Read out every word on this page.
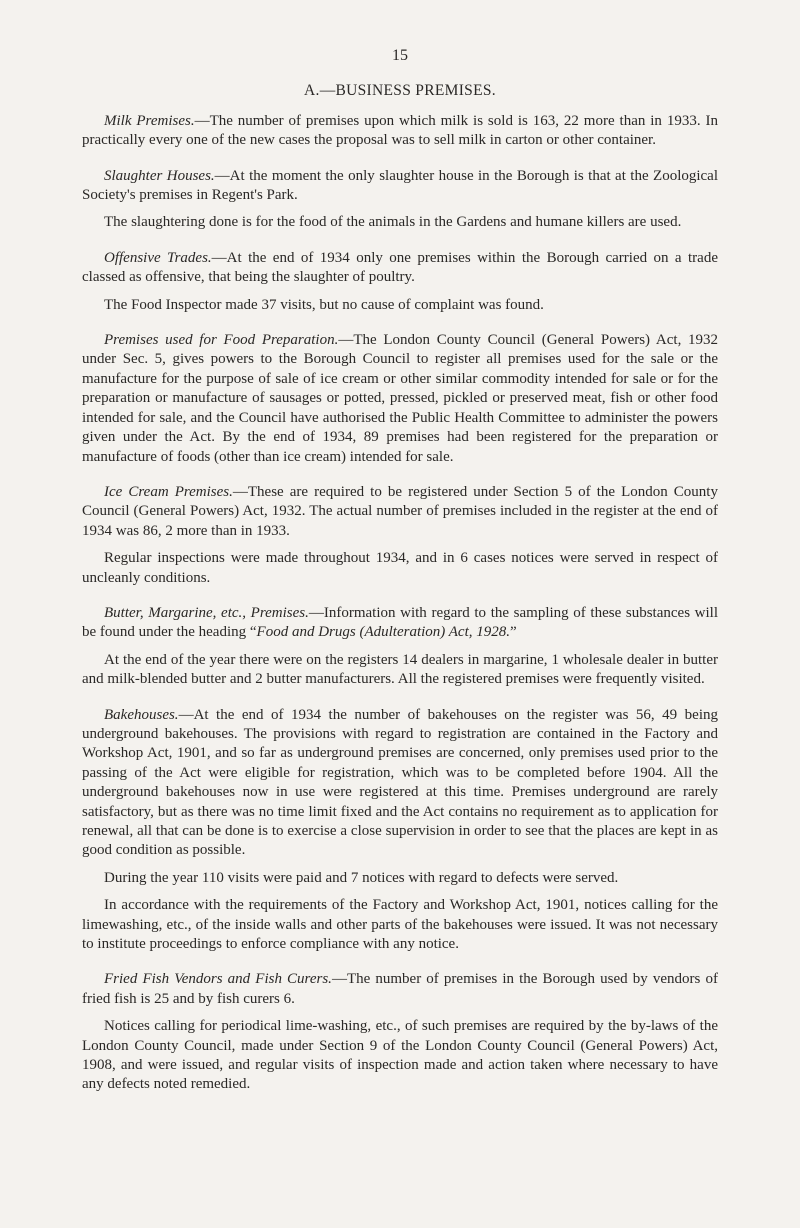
15
A.—BUSINESS PREMISES.

Milk Premises.—The number of premises upon which milk is sold is 163, 22 more than in 1933. In practically every one of the new cases the proposal was to sell milk in carton or other container.

Slaughter Houses.—At the moment the only slaughter house in the Borough is that at the Zoological Society's premises in Regent's Park.

The slaughtering done is for the food of the animals in the Gardens and humane killers are used.

Offensive Trades.—At the end of 1934 only one premises within the Borough carried on a trade classed as offensive, that being the slaughter of poultry.

The Food Inspector made 37 visits, but no cause of complaint was found.

Premises used for Food Preparation.—The London County Council (General Powers) Act, 1932 under Sec. 5, gives powers to the Borough Council to register all premises used for the sale or the manufacture for the purpose of sale of ice cream or other similar commodity intended for sale or for the preparation or manufacture of sausages or potted, pressed, pickled or preserved meat, fish or other food intended for sale, and the Council have authorised the Public Health Committee to administer the powers given under the Act. By the end of 1934, 89 premises had been registered for the preparation or manufacture of foods (other than ice cream) intended for sale.

Ice Cream Premises.—These are required to be registered under Section 5 of the London County Council (General Powers) Act, 1932. The actual number of premises included in the register at the end of 1934 was 86, 2 more than in 1933.

Regular inspections were made throughout 1934, and in 6 cases notices were served in respect of uncleanly conditions.

Butter, Margarine, etc., Premises.—Information with regard to the sampling of these substances will be found under the heading “Food and Drugs (Adulteration) Act, 1928.”

At the end of the year there were on the registers 14 dealers in margarine, 1 wholesale dealer in butter and milk-blended butter and 2 butter manufacturers. All the registered premises were frequently visited.

Bakehouses.—At the end of 1934 the number of bakehouses on the register was 56, 49 being underground bakehouses. The provisions with regard to registration are contained in the Factory and Workshop Act, 1901, and so far as underground premises are concerned, only premises used prior to the passing of the Act were eligible for registration, which was to be completed before 1904. All the underground bakehouses now in use were registered at this time. Premises underground are rarely satisfactory, but as there was no time limit fixed and the Act contains no requirement as to application for renewal, all that can be done is to exercise a close supervision in order to see that the places are kept in as good condition as possible.

During the year 110 visits were paid and 7 notices with regard to defects were served.

In accordance with the requirements of the Factory and Workshop Act, 1901, notices calling for the limewashing, etc., of the inside walls and other parts of the bakehouses were issued. It was not necessary to institute proceedings to enforce compliance with any notice.

Fried Fish Vendors and Fish Curers.—The number of premises in the Borough used by vendors of fried fish is 25 and by fish curers 6.

Notices calling for periodical lime-washing, etc., of such premises are required by the by-laws of the London County Council, made under Section 9 of the London County Council (General Powers) Act, 1908, and were issued, and regular visits of inspection made and action taken where necessary to have any defects noted remedied.
